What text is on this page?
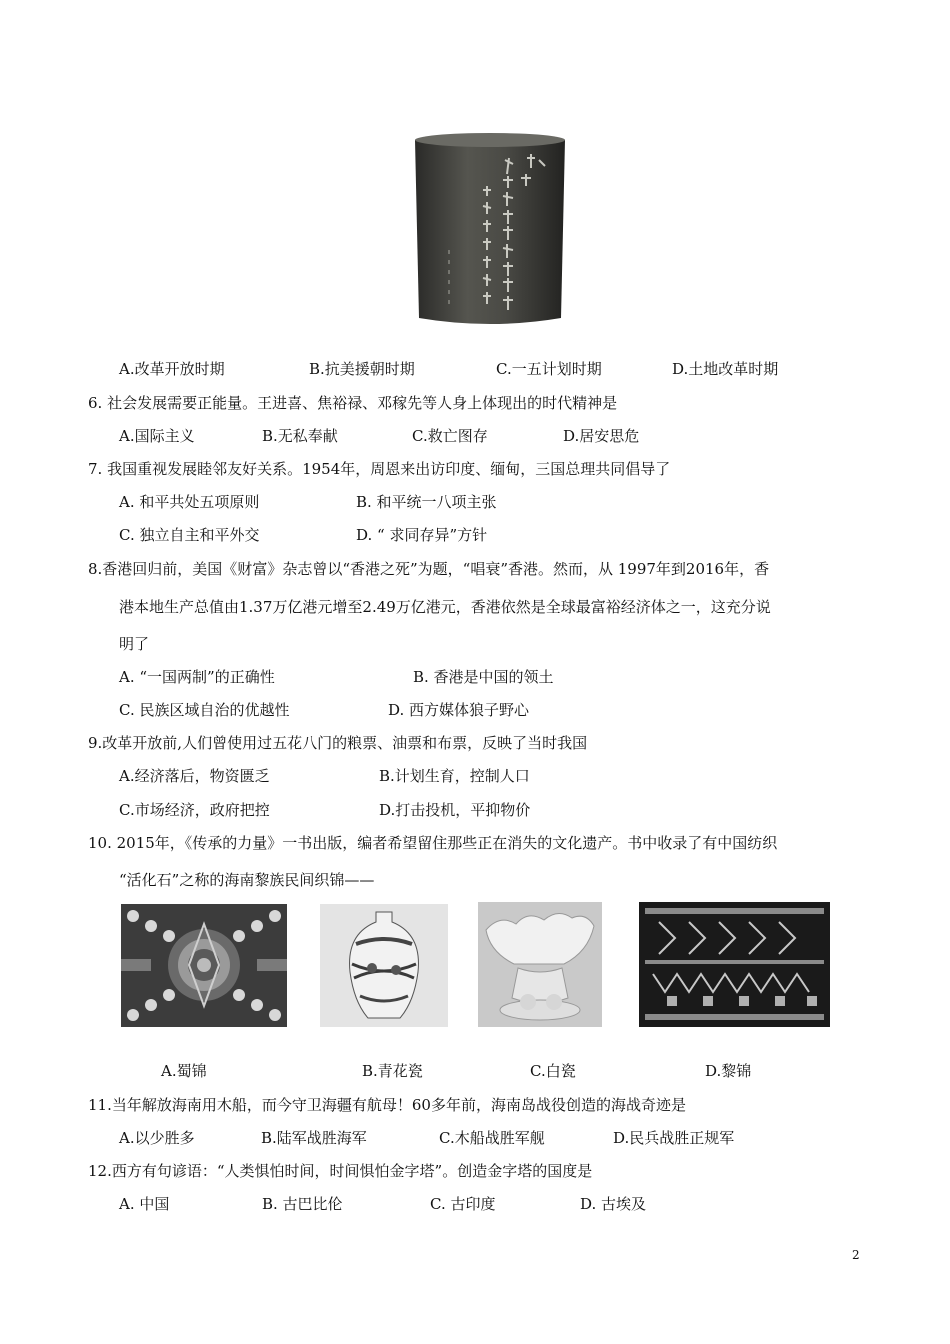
A.改革开放时期	B.抗美援朝时期	C.一五计划时期	D.土地改革时期
6. 社会发展需要正能量。王进喜、焦裕禄、邓稼先等人身上体现出的时代精神是
A.国际主义	B.无私奉献	C.救亡图存	D.居安思危
7. 我国重视发展睦邻友好关系。1954年，周恩来出访印度、缅甸，三国总理共同倡导了
A. 和平共处五项原则	B. 和平统一八项主张
C. 独立自主和平外交	D. “ 求同存异”方针
8.香港回归前，美国《财富》杂志曾以“香港之死”为题，“唱衰”香港。然而，从 1997年到2016年，香
港本地生产总值由1.37万亿港元增至2.49万亿港元，香港依然是全球最富裕经济体之一，这充分说
明了
A. “一国两制”的正确性	B. 香港是中国的领土
C. 民族区域自治的优越性	D. 西方媒体狼子野心
9.改革开放前,人们曾使用过五花八门的粮票、油票和布票，反映了当时我国
A.经济落后，物资匮乏	B.计划生育，控制人口
C.市场经济，政府把控	D.打击投机，平抑物价
10. 2015年，《传承的力量》一书出版，编者希望留住那些正在消失的文化遗产。书中收录了有中国纺织
“活化石”之称的海南黎族民间织锦——
A.蜀锦	B.青花瓷	C.白瓷	D.黎锦
11.当年解放海南用木船，而今守卫海疆有航母！60多年前，海南岛战役创造的海战奇迹是
A.以少胜多	B.陆军战胜海军	C.木船战胜军舰	D.民兵战胜正规军
12.西方有句谚语：“人类惧怕时间，时间惧怕金字塔”。创造金字塔的国度是
A. 中国	B. 古巴比伦	C. 古印度	D. 古埃及
2
